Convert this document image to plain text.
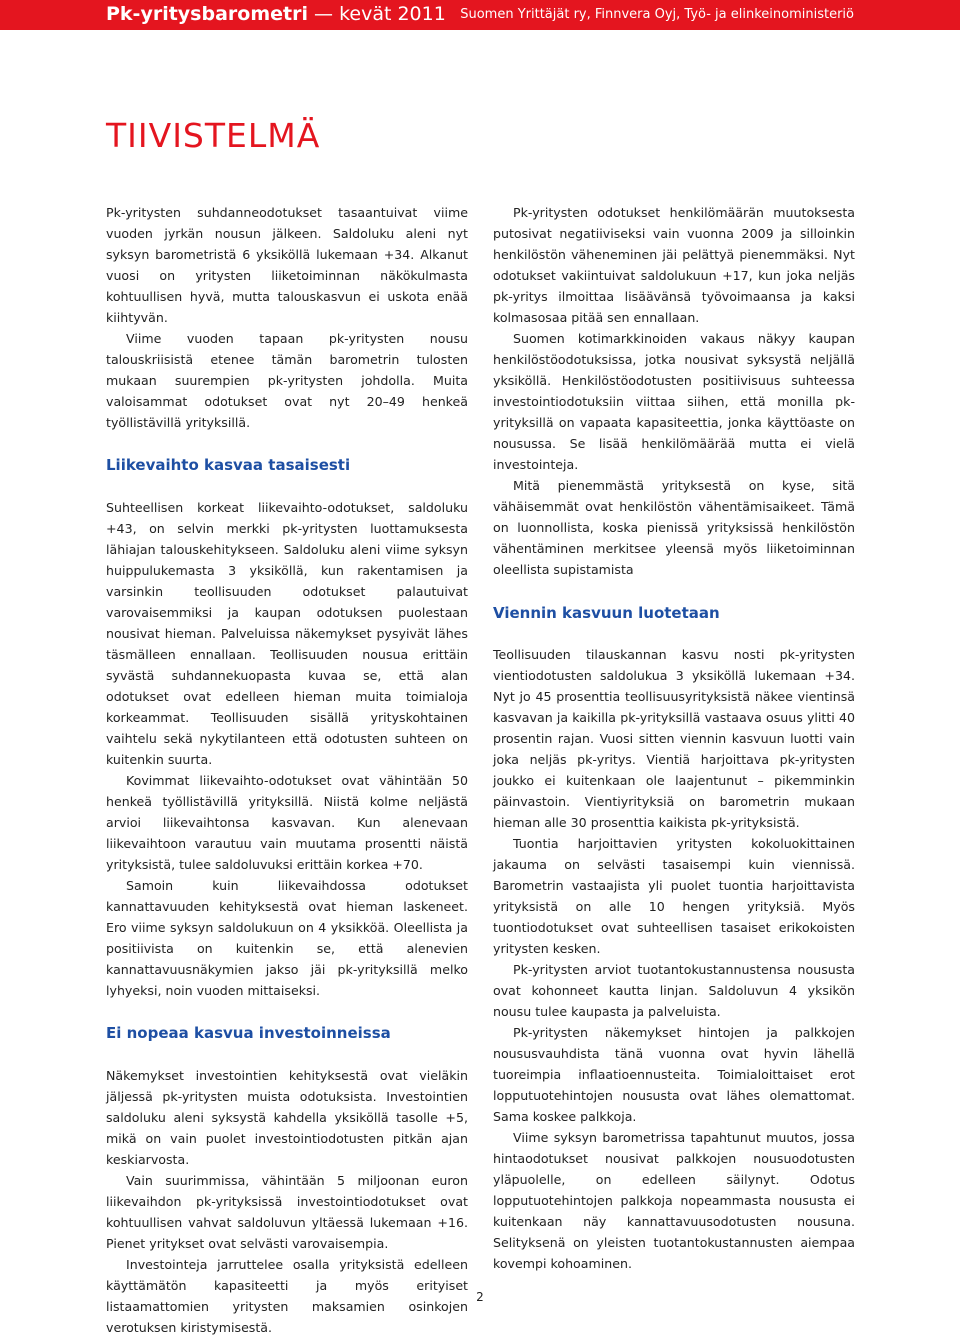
Pk-yritysbarometri — kevät 2011 Suomen Yrittäjät ry, Finnvera Oyj, Työ- ja elinkeinoministeriö
TIIVISTELMÄ

Pk-yritysten suhdanneodotukset tasaantuivat viime vuoden jyrkän nousun jälkeen. Saldoluku aleni nyt syksyn barometristä 6 yksiköllä lukemaan +34. Alkanut vuosi on yritysten liiketoiminnan näkökulmasta kohtuullisen hyvä, mutta talouskasvun ei uskota enää kiihtyvän.

Viime vuoden tapaan pk-yritysten nousu talouskriisistä etenee tämän barometrin tulosten mukaan suurempien pk-yritysten johdolla. Muita valoisammat odotukset ovat nyt 20–49 henkeä työllistävillä yrityksillä.

Liikevaihto kasvaa tasaisesti

Suhteellisen korkeat liikevaihto-odotukset, saldoluku +43, on selvin merkki pk-yritysten luottamuksesta lähiajan talouskehitykseen. Saldoluku aleni viime syksyn huippulukemasta 3 yksiköllä, kun rakentamisen ja varsinkin teollisuuden odotukset palautuivat varovaisemmiksi ja kaupan odotuksen puolestaan nousivat hieman. Palveluissa näkemykset pysyivät lähes täsmälleen ennallaan. Teollisuuden nousua erittäin syvästä suhdannekuopasta kuvaa se, että alan odotukset ovat edelleen hieman muita toimialoja korkeammat. Teollisuuden sisällä yrityskohtainen vaihtelu sekä nykytilanteen että odotusten suhteen on kuitenkin suurta.

Kovimmat liikevaihto-odotukset ovat vähintään 50 henkeä työllistävillä yrityksillä. Niistä kolme neljästä arvioi liikevaihtonsa kasvavan. Kun alenevaan liikevaihtoon varautuu vain muutama prosentti näistä yrityksistä, tulee saldoluvuksi erittäin korkea +70.

Samoin kuin liikevaihdossa odotukset kannattavuuden kehityksestä ovat hieman laskeneet. Ero viime syksyn saldolukuun on 4 yksikköä. Oleellista ja positiivista on kuitenkin se, että alenevien kannattavuusnäkymien jakso jäi pk-yrityksillä melko lyhyeksi, noin vuoden mittaiseksi.

Ei nopeaa kasvua investoinneissa

Näkemykset investointien kehityksestä ovat vieläkin jäljessä pk-yritysten muista odotuksista. Investointien saldoluku aleni syksystä kahdella yksiköllä tasolle +5, mikä on vain puolet investointiodotusten pitkän ajan keskiarvosta.

Vain suurimmissa, vähintään 5 miljoonan euron liikevaihdon pk-yrityksissä investointiodotukset ovat kohtuullisen vahvat saldoluvun yltäessä lukemaan +16. Pienet yritykset ovat selvästi varovaisempia.

Investointeja jarruttelee osalla yrityksistä edelleen käyttämätön kapasiteetti ja myös erityiset listaamattomien yritysten maksamien osinkojen verotuksen kiristymisestä.

Pk-yritysten odotukset henkilömäärän muutoksesta putosivat negatiiviseksi vain vuonna 2009 ja silloinkin henkilöstön väheneminen jäi pelättyä pienemmäksi. Nyt odotukset vakiintuivat saldolukuun +17, kun joka neljäs pk-yritys ilmoittaa lisäävänsä työvoimaansa ja kaksi kolmasosaa pitää sen ennallaan.

Suomen kotimarkkinoiden vakaus näkyy kaupan henkilöstöodotuksissa, jotka nousivat syksystä neljällä yksiköllä. Henkilöstöodotusten positiivisuus suhteessa investointiodotuksiin viittaa siihen, että monilla pk-yrityksillä on vapaata kapasiteettia, jonka käyttöaste on nousussa. Se lisää henkilömäärää mutta ei vielä investointeja.

Mitä pienemmästä yrityksestä on kyse, sitä vähäisemmät ovat henkilöstön vähentämisaikeet. Tämä on luonnollista, koska pienissä yrityksissä henkilöstön vähentäminen merkitsee yleensä myös liiketoiminnan oleellista supistamista

Viennin kasvuun luotetaan

Teollisuuden tilauskannan kasvu nosti pk-yritysten vientiodotusten saldolukua 3 yksiköllä lukemaan +34. Nyt jo 45 prosenttia teollisuusyrityksistä näkee vientinsä kasvavan ja kaikilla pk-yrityksillä vastaava osuus ylitti 40 prosentin rajan. Vuosi sitten viennin kasvuun luotti vain joka neljäs pk-yritys. Vientiä harjoittava pk-yritysten joukko ei kuitenkaan ole laajentunut – pikemminkin päinvastoin. Vientiyrityksiä on barometrin mukaan hieman alle 30 prosenttia kaikista pk-yrityksistä.

Tuontia harjoittavien yritysten kokoluokittainen jakauma on selvästi tasaisempi kuin viennissä. Barometrin vastaajista yli puolet tuontia harjoittavista yrityksistä on alle 10 hengen yrityksiä. Myös tuontiodotukset ovat suhteellisen tasaiset erikokoisten yritysten kesken.

Pk-yritysten arviot tuotantokustannustensa noususta ovat kohonneet kautta linjan. Saldoluvun 4 yksikön nousu tulee kaupasta ja palveluista.

Pk-yritysten näkemykset hintojen ja palkkojen noususvauhdista tänä vuonna ovat hyvin lähellä tuoreimpia inflaatioennusteita. Toimialoittaiset erot lopputuotehintojen noususta ovat lähes olemattomat. Sama koskee palkkoja.

Viime syksyn barometrissa tapahtunut muutos, jossa hintaodotukset nousivat palkkojen nousuodotusten yläpuolelle, on edelleen säilynyt. Odotus lopputuotehintojen palkkoja nopeammasta noususta ei kuitenkaan näy kannattavuusodotusten nousuna. Selityksenä on yleisten tuotantokustannusten aiempaa kovempi kohoaminen.

2
